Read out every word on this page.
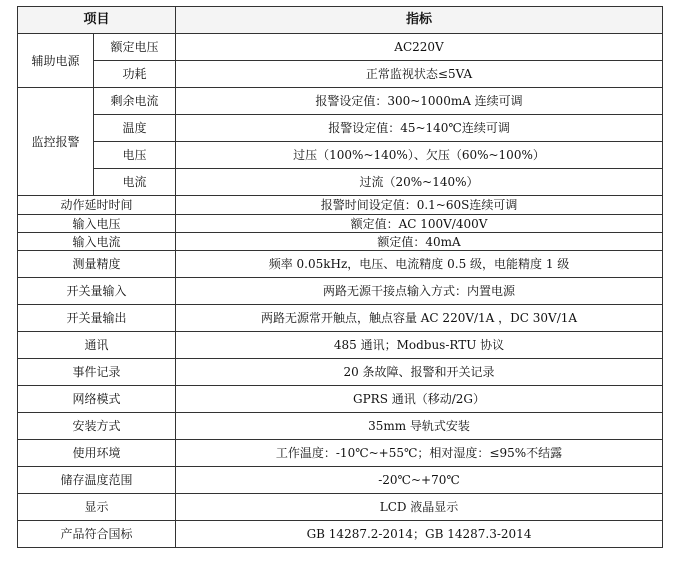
项目		指标
辅助电源	额定电压	AC220V
	功耗	正常监视状态≤5VA
监控报警	剩余电流	报警设定值：300~1000mA 连续可调
	温度	报警设定值：45~140℃连续可调
	电压	过压（100%~140%）、欠压（60%~100%）
	电流	过流（20%~140%）
动作延时时间		报警时间设定值：0.1~60S连续可调
输入电压		额定值：AC 100V/400V
输入电流		额定值：40mA
测量精度		频率 0.05kHz，电压、电流精度 0.5 级，电能精度 1 级
开关量输入		两路无源干接点输入方式：内置电源
开关量输出		两路无源常开触点，触点容量 AC 220V/1A ，DC 30V/1A
通讯		485 通讯；Modbus-RTU 协议
事件记录		20 条故障、报警和开关记录
网络模式		GPRS 通讯（移动/2G）
安装方式		35mm 导轨式安装
使用环境		工作温度：-10℃~+55℃；相对湿度：≤95%不结露
储存温度范围		-20℃~+70℃
显示		LCD 液晶显示
产品符合国标		GB 14287.2-2014；GB 14287.3-2014
